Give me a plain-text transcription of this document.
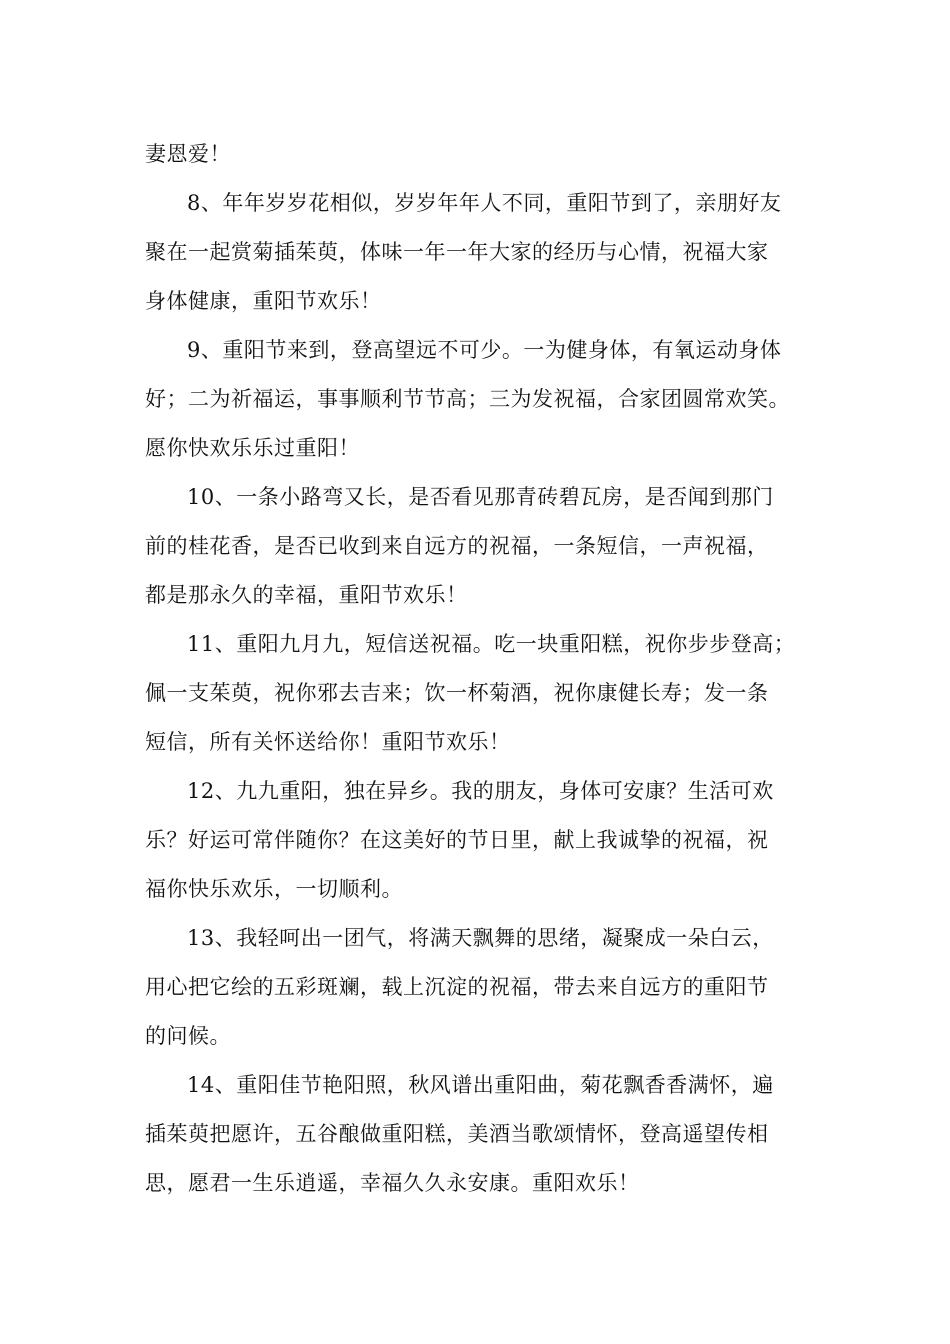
妻恩爱！

8、年年岁岁花相似，岁岁年年人不同，重阳节到了，亲朋好友
聚在一起赏菊插茱萸，体味一年一年大家的经历与心情，祝福大家
身体健康，重阳节欢乐！

9、重阳节来到，登高望远不可少。一为健身体，有氧运动身体
好；二为祈福运，事事顺利节节高；三为发祝福，合家团圆常欢笑。
愿你快欢乐乐过重阳！

10、一条小路弯又长，是否看见那青砖碧瓦房，是否闻到那门
前的桂花香，是否已收到来自远方的祝福，一条短信，一声祝福，
都是那永久的幸福，重阳节欢乐！

11、重阳九月九，短信送祝福。吃一块重阳糕，祝你步步登高；
佩一支茱萸，祝你邪去吉来；饮一杯菊酒，祝你康健长寿；发一条
短信，所有关怀送给你！重阳节欢乐！

12、九九重阳，独在异乡。我的朋友，身体可安康？生活可欢
乐？好运可常伴随你？在这美好的节日里，献上我诚挚的祝福，祝
福你快乐欢乐，一切顺利。

13、我轻呵出一团气，将满天飘舞的思绪，凝聚成一朵白云，
用心把它绘的五彩斑斓，载上沉淀的祝福，带去来自远方的重阳节
的问候。

14、重阳佳节艳阳照，秋风谱出重阳曲，菊花飘香香满怀，遍
插茱萸把愿许，五谷酿做重阳糕，美酒当歌颂情怀，登高遥望传相
思，愿君一生乐逍遥，幸福久久永安康。重阳欢乐！
